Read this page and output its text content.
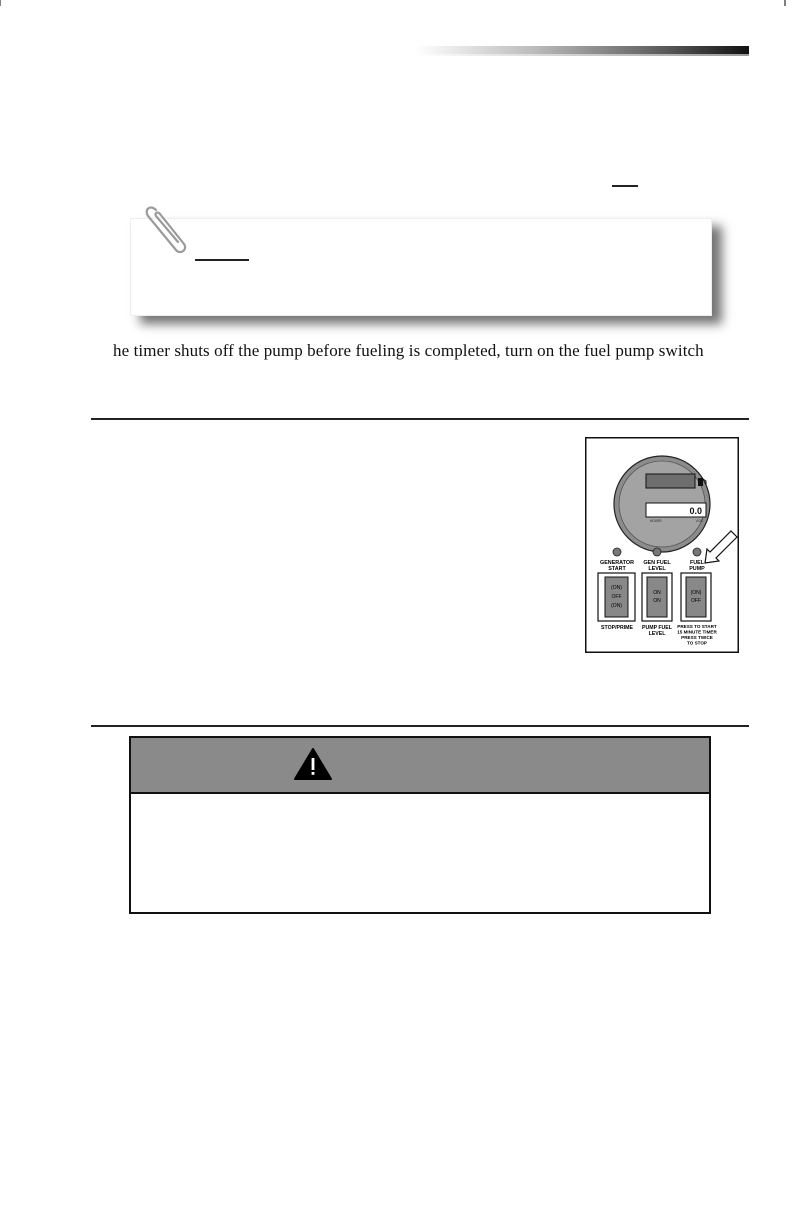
he timer shuts off the pump before fueling is completed, turn on the fuel pump switch
0.0
HOURS	V.DC
GENERATOR
START
(ON)
OFF
(ON)
STOP/PRIME
GEN FUEL
LEVEL
ON
ON
PUMP FUEL
LEVEL
FUEL
PUMP
(ON)
OFF
PRESS TO START
15 MINUTE TIMER
PRESS TWICE
TO STOP
